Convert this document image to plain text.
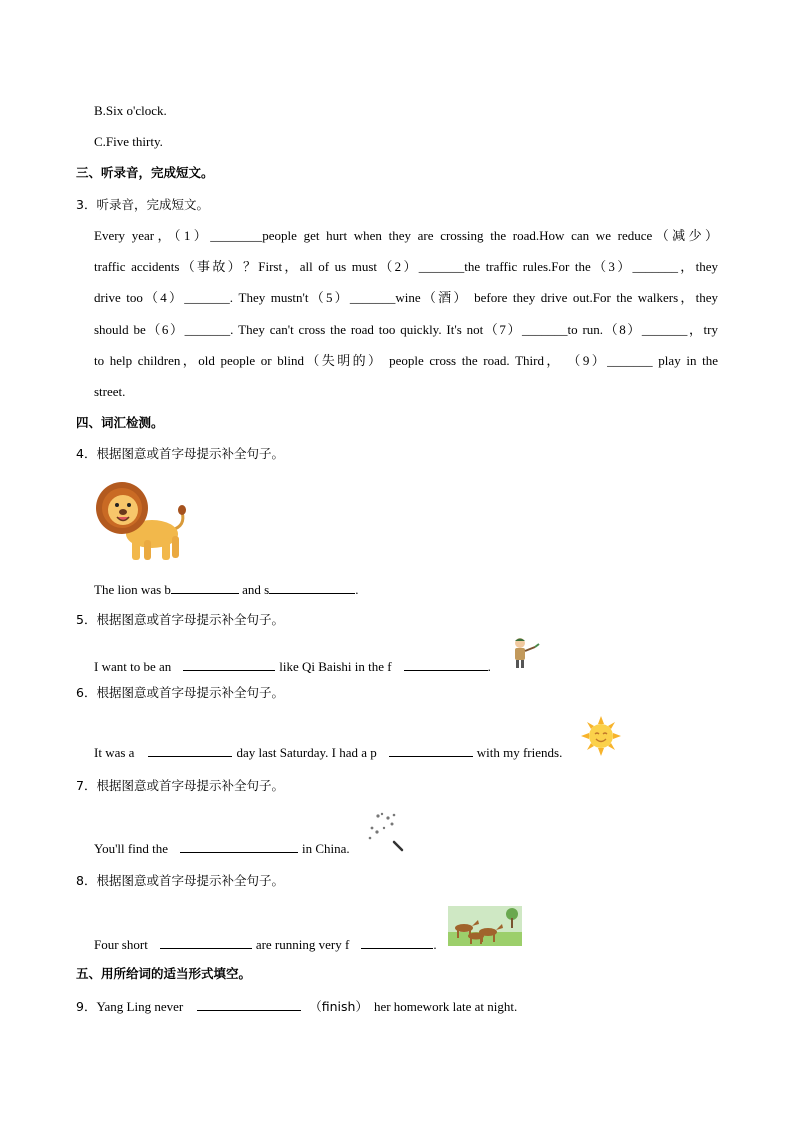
B.Six o'clock.
C.Five thirty.
三、听录音，完成短文。
3．听录音，完成短文。
Every year，（1）________people get hurt when they are crossing the road.How can we reduce（减少）
traffic accidents（事故）？First，all of us must（2）_______the traffic rules.For the（3）_______，they
drive too（4）_______. They mustn't（5）_______wine（酒） before they drive out.For the walkers，they
should be（6）_______. They can't cross the road too quickly. It's not（7）_______to run.（8）_______，try
to help children，old people or blind（失明的） people cross the road. Third， （9）_______ play in the
street.
四、词汇检测。
4．根据图意或首字母提示补全句子。
The lion was b	and s	.
5．根据图意或首字母提示补全句子。
I want to be an	like Qi Baishi in the f	.
6．根据图意或首字母提示补全句子。
It was a	day last Saturday. I had a p	with my friends.
7．根据图意或首字母提示补全句子。
You'll find the	in China.
8．根据图意或首字母提示补全句子。
Four short	are running very f	.
五、用所给词的适当形式填空。
9．Yang Ling never	（finish） her homework late at night.
